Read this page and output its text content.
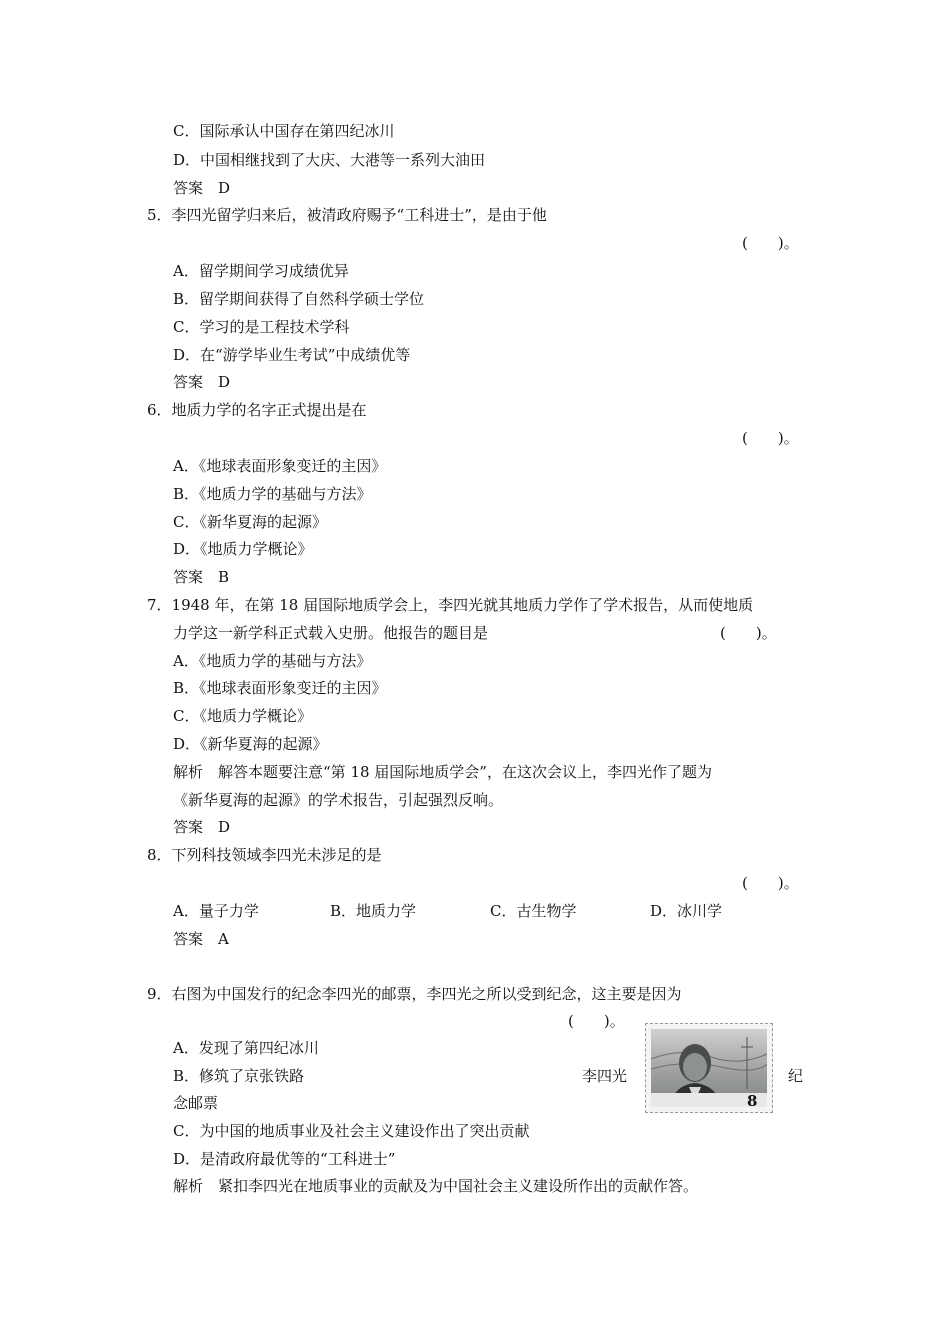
C．国际承认中国存在第四纪冰川
D．中国相继找到了大庆、大港等一系列大油田
答案　D
5．李四光留学归来后，被清政府赐予“工科进士”，是由于他
(　　)。
A．留学期间学习成绩优异
B．留学期间获得了自然科学硕士学位
C．学习的是工程技术学科
D．在“游学毕业生考试”中成绩优等
答案　D
6．地质力学的名字正式提出是在
(　　)。
A．《地球表面形象变迁的主因》
B．《地质力学的基础与方法》
C．《新华夏海的起源》
D．《地质力学概论》
答案　B
7．1948 年，在第 18 届国际地质学会上，李四光就其地质力学作了学术报告，从而使地质
力学这一新学科正式载入史册。他报告的题目是	(　　)。
A．《地质力学的基础与方法》
B．《地球表面形象变迁的主因》
C．《地质力学概论》
D．《新华夏海的起源》
解析　解答本题要注意“第 18 届国际地质学会”，在这次会议上，李四光作了题为
《新华夏海的起源》的学术报告，引起强烈反响。
答案　D
8．下列科技领域李四光未涉足的是
(　　)。
A．量子力学	B．地质力学	C．古生物学	D．冰川学
答案　A
9．右图为中国发行的纪念李四光的邮票，李四光之所以受到纪念，这主要是因为
(　　)。
A．发现了第四纪冰川
B．修筑了京张铁路	李四光	纪
念邮票
C．为中国的地质事业及社会主义建设作出了突出贡献
D．是清政府最优等的“工科进士”
解析　紧扣李四光在地质事业的贡献及为中国社会主义建设所作出的贡献作答。
8
